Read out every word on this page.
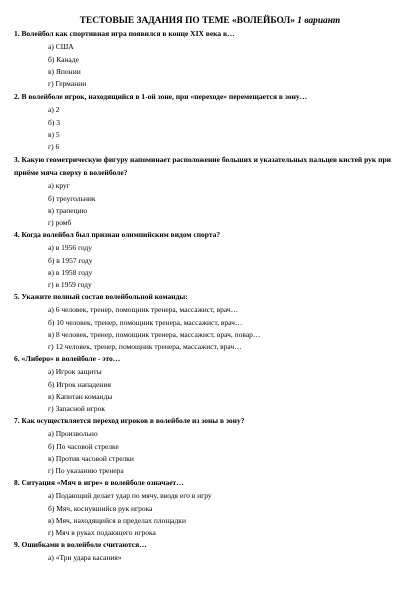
ТЕСТОВЫЕ ЗАДАНИЯ ПО ТЕМЕ «ВОЛЕЙБОЛ» 1 вариант
1. Волейбол как спортивная игра появился в конце XIX века в…
а) США
б) Канаде
в) Японии
г) Германии
2. В волейболе игрок, находящийся в 1-ой зоне, при «переходе» перемещается в зону…
а) 2
б) 3
в) 5
г) 6
3. Какую геометрическую фигуру напоминает расположение больших и указательных пальцев кистей рук при приёме мяча сверху в волейболе?
а) круг
б) треугольник
в) трапецию
г) ромб
4. Когда волейбол был признан олимпийским видом спорта?
а) в 1956 году
б) в 1957 году
в) в 1958 году
г) в 1959 году
5. Укажите полный состав волейбольной команды:
а) 6 человек, тренер, помощник тренера, массажист, врач…
б) 10 человек, тренер, помощник тренера, массажист, врач…
в) 8 человек, тренер, помощник тренера, массажист, врач, повар…
г) 12 человек, тренер, помощник тренера, массажист, врач…
6. «Либеро» в волейболе - это…
а) Игрок защиты
б) Игрок нападения
в) Капитан команды
г) Запасной игрок
7. Как осуществляется переход игроков в волейболе из зоны в зону?
а) Произвольно
б) По часовой стрелке
в) Против часовой стрелки
г) По указанию тренера
8. Ситуация «Мяч в игре» в волейболе означает…
а) Подающий делает удар по мячу, вводя его в игру
б) Мяч, коснувшийся рук игрока
в) Мяч, находящийся в пределах площадки
г) Мяч в руках подающего игрока
9. Ошибками в волейболе считаются…
а) «Три удара касания»
